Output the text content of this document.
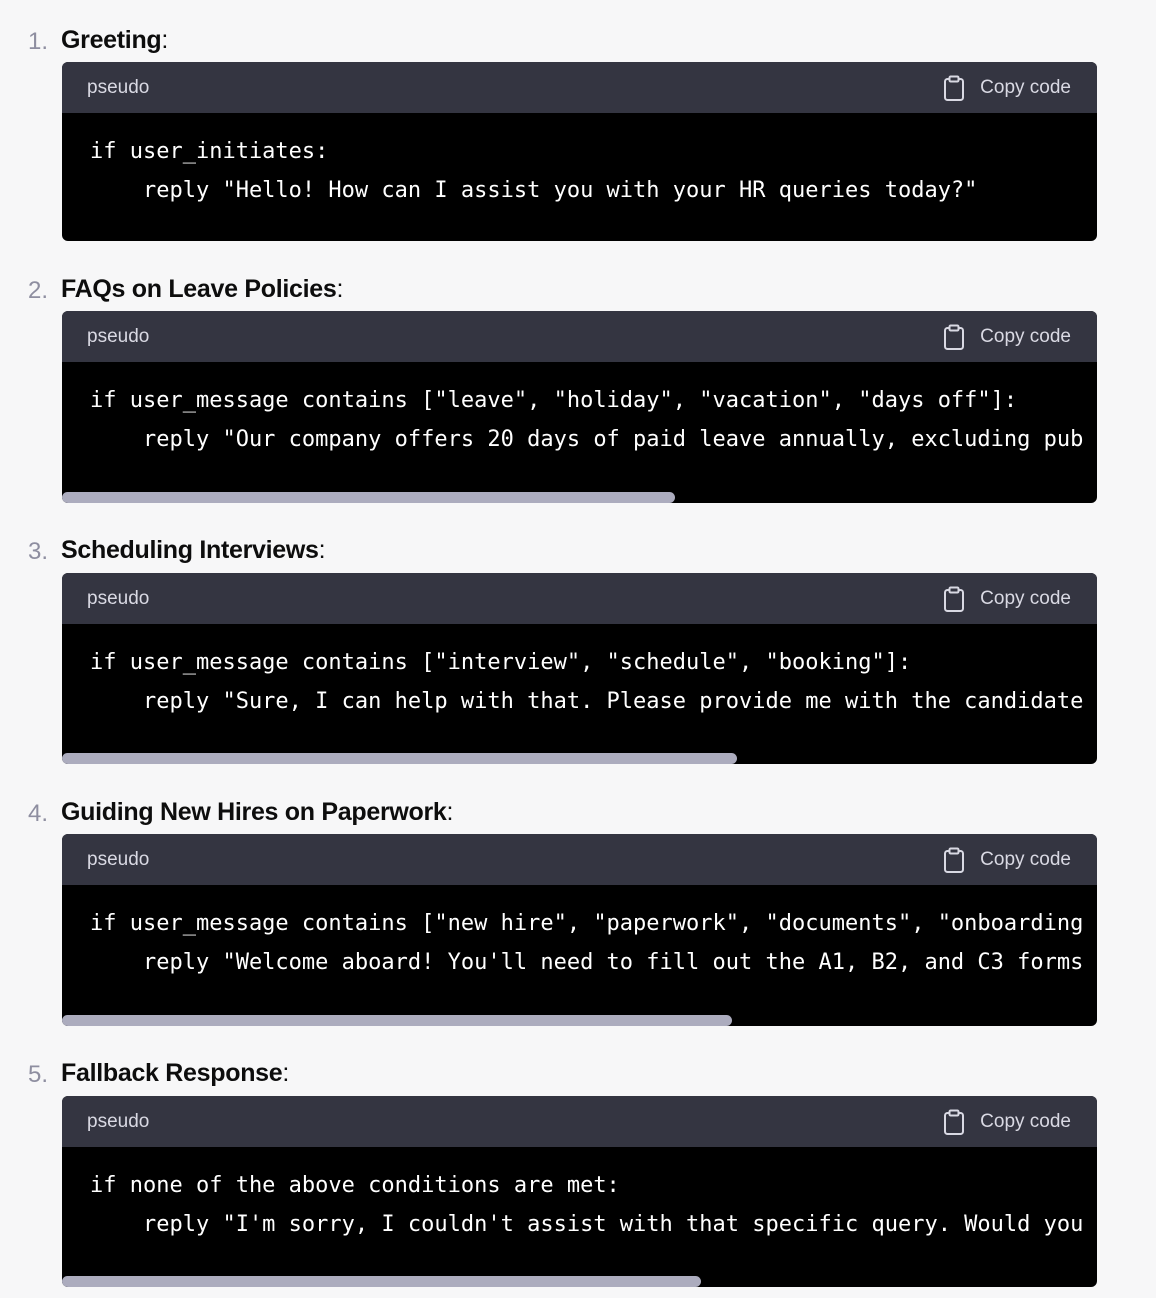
1. Greeting:
pseudo	Copy code
if user_initiates:
reply "Hello! How can I assist you with your HR queries today?"
2. FAQs on Leave Policies:
pseudo	Copy code
if user_message contains ["leave", "holiday", "vacation", "days off"]:
reply "Our company offers 20 days of paid leave annually, excluding pub
3. Scheduling Interviews:
pseudo	Copy code
if user_message contains ["interview", "schedule", "booking"]:
reply "Sure, I can help with that. Please provide me with the candidate
4. Guiding New Hires on Paperwork:
pseudo	Copy code
if user_message contains ["new hire", "paperwork", "documents", "onboarding
reply "Welcome aboard! You'll need to fill out the A1, B2, and C3 forms
5. Fallback Response:
pseudo	Copy code
if none of the above conditions are met:
reply "I'm sorry, I couldn't assist with that specific query. Would you
